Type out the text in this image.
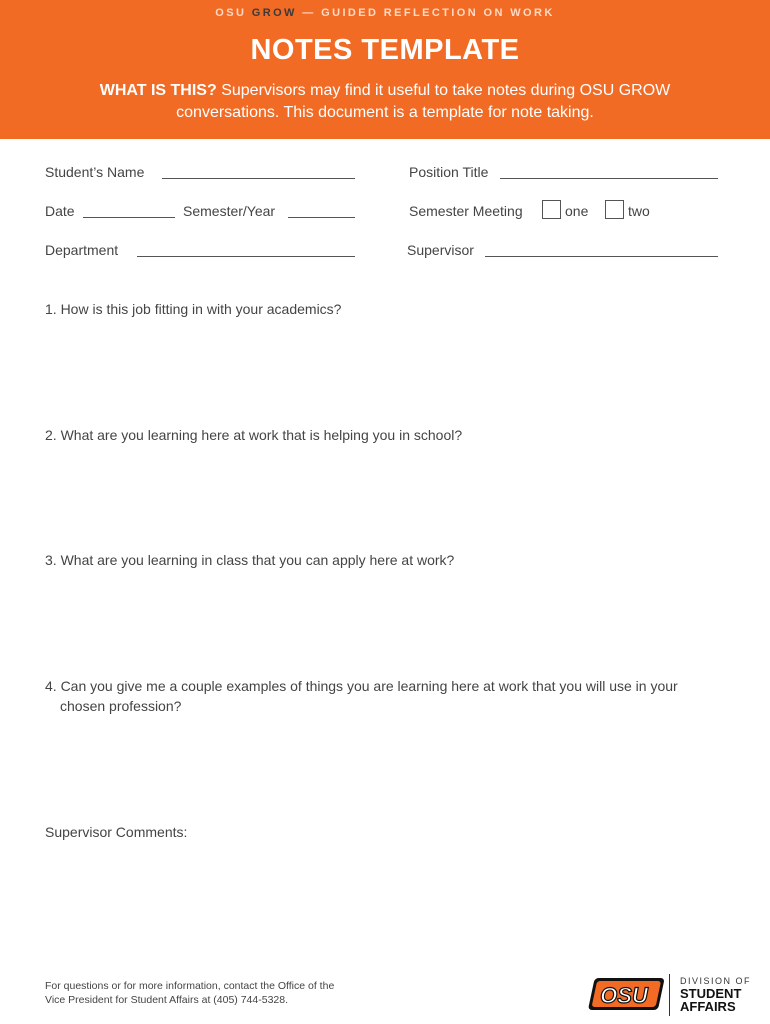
OSU GROW — GUIDED REFLECTION ON WORK
NOTES TEMPLATE
WHAT IS THIS? Supervisors may find it useful to take notes during OSU GROW conversations. This document is a template for note taking.
Student’s Name	Position Title
Date	Semester/Year	Semester Meeting	one	two
Department	Supervisor
1. How is this job fitting in with your academics?
2. What are you learning here at work that is helping you in school?
3. What are you learning in class that you can apply here at work?
4. Can you give me a couple examples of things you are learning here at work that you will use in your
chosen profession?
Supervisor Comments:
For questions or for more information, contact the Office of the
Vice President for Student Affairs at (405) 744-5328.	OSU
DIVISION OF
STUDENT
AFFAIRS
